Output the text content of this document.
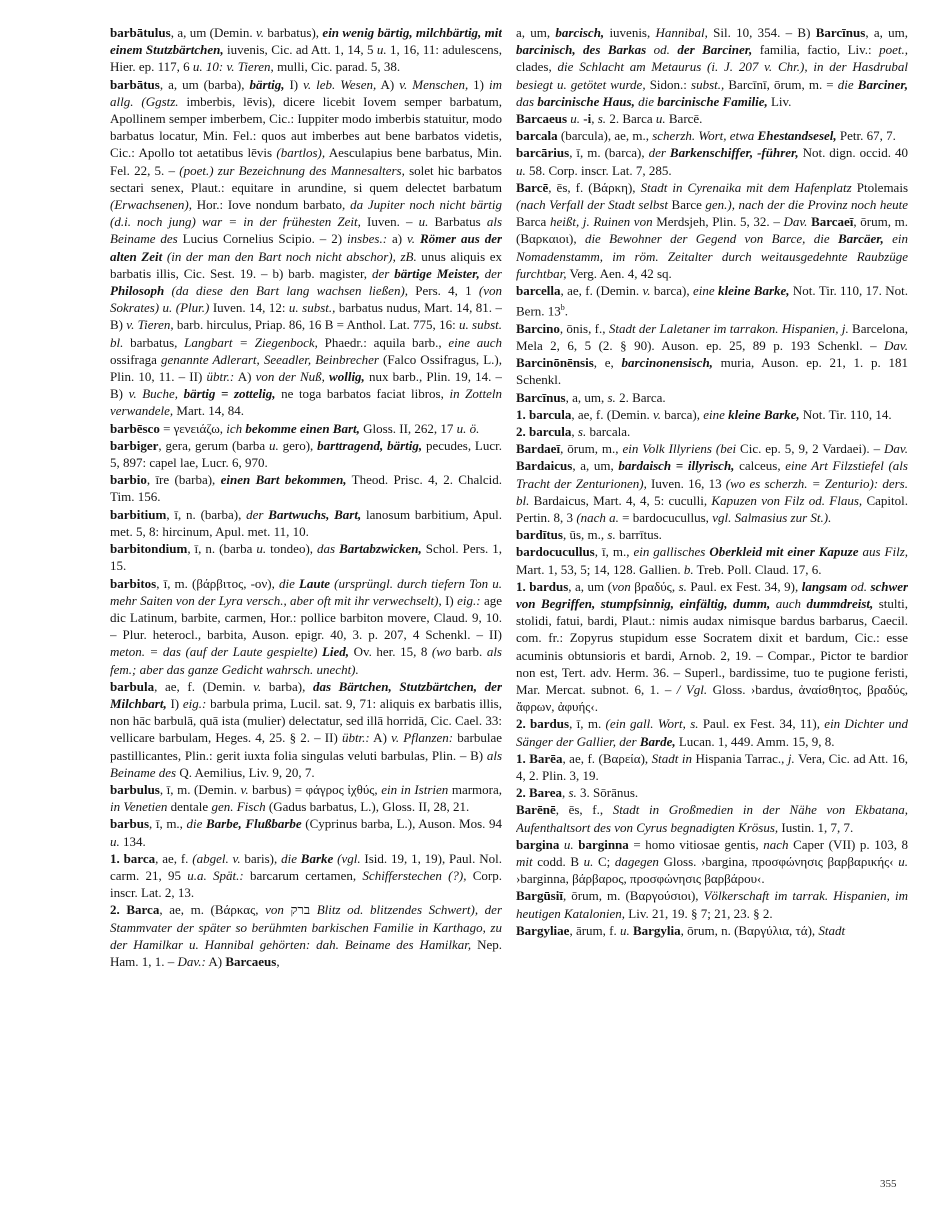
barbātulus, a, um (Demin. v. barbatus), ein wenig bärtig, milchbärtig, mit einem Stutzbärtchen, iuvenis, Cic. ad Att. 1, 14, 5 u. 1, 16, 11: adulescens, Hier. ep. 117, 6 u. 10: v. Tieren, mulli, Cic. parad. 5, 38.

barbātus, a, um (barba), bärtig, I) v. leb. Wesen, A) v. Menschen, 1) im allg. (Ggstz. imberbis, lēvis), dicere licebit Iovem semper barbatum, Apollinem semper imberbem, Cic.: Iuppiter modo imberbis statuitur, modo barbatus locatur, Min. Fel.: quos aut imberbes aut bene barbatos videtis, Cic.: Apollo tot aetatibus lēvis (bartlos), Aesculapius bene barbatus, Min. Fel. 22, 5. – (poet.) zur Bezeichnung des Mannesalters, solet hic barbatos sectari senex, Plaut.: equitare in arundine, si quem delectet barbatum (Erwachsenen), Hor.: Iove nondum barbato, da Jupiter noch nicht bärtig (d.i. noch jung) war = in der frühesten Zeit, Iuven. – u. Barbatus als Beiname des Lucius Cornelius Scipio. – 2) insbes.: a) v. Römer aus der alten Zeit (in der man den Bart noch nicht abschor), zB. unus aliquis ex barbatis illis, Cic. Sest. 19. – b) barb. magister, der bärtige Meister, der Philosoph (da diese den Bart lang wachsen ließen), Pers. 4, 1 (von Sokrates) u. (Plur.) Iuven. 14, 12: u. subst., barbatus nudus, Mart. 14, 81. – B) v. Tieren, barb. hirculus, Priap. 86, 16 B = Anthol. Lat. 775, 16: u. subst. bl. barbatus, Langbart = Ziegenbock, Phaedr.: aquila barb., eine auch ossifraga genannte Adlerart, Seeadler, Beinbrecher (Falco Ossifragus, L.), Plin. 10, 11. – II) übtr.: A) von der Nuß, wollig, nux barb., Plin. 19, 14. – B) v. Buche, bärtig = zottelig, ne toga barbatos faciat libros, in Zotteln verwandele, Mart. 14, 84.

barbēsco = γενειάζω, ich bekomme einen Bart, Gloss. II, 262, 17 u. ö.

barbiger, gera, gerum (barba u. gero), barttragend, bärtig, pecudes, Lucr. 5, 897: capel lae, Lucr. 6, 970.

barbio, īre (barba), einen Bart bekommen, Theod. Prisc. 4, 2. Chalcid. Tim. 156.

barbitium, ī, n. (barba), der Bartwuchs, Bart, lanosum barbitium, Apul. met. 5, 8: hircinum, Apul. met. 11, 10.

barbitondium, ī, n. (barba u. tondeo), das Bartabzwicken, Schol. Pers. 1, 15.

barbitos, ī, m. (βάρβιτος, -ον), die Laute (ursprüngl. durch tiefern Ton u. mehr Saiten von der Lyra versch., aber oft mit ihr verwechselt), I) eig.: age dic Latinum, barbite, carmen, Hor.: pollice barbiton movere, Claud. 9, 10. – Plur. heterocl., barbita, Auson. epigr. 40, 3. p. 207, 4 Schenkl. – II) meton. = das (auf der Laute gespielte) Lied, Ov. her. 15, 8 (wo barb. als fem.; aber das ganze Gedicht wahrsch. unecht).

barbula, ae, f. (Demin. v. barba), das Bärtchen, Stutzbärtchen, der Milchbart, I) eig.: barbula prima, Lucil. sat. 9, 71: aliquis ex barbatis illis, non hāc barbulā, quā ista (mulier) delectatur, sed illā horridā, Cic. Cael. 33: vellicare barbulam, Heges. 4, 25. § 2. – II) übtr.: A) v. Pflanzen: barbulae pastillicantes, Plin.: gerit iuxta folia singulas veluti barbulas, Plin. – B) als Beiname des Q. Aemilius, Liv. 9, 20, 7.

barbulus, ī, m. (Demin. v. barbus) = φάγρος ἰχθύς, ein in Istrien marmora, in Venetien dentale gen. Fisch (Gadus barbatus, L.), Gloss. II, 28, 21.

barbus, ī, m., die Barbe, Flußbarbe (Cyprinus barba, L.), Auson. Mos. 94 u. 134.

1. barca, ae, f. (abgel. v. baris), die Barke (vgl. Isid. 19, 1, 19), Paul. Nol. carm. 21, 95 u.a. Spät.: barcarum certamen, Schifferstechen (?), Corp. inscr. Lat. 2, 13.

2. Barca, ae, m. (Βάρκας, von ברק Blitz od. blitzendes Schwert), der Stammvater der später so berühmten barkischen Familie in Karthago, zu der Hamilkar u. Hannibal gehörten: dah. Beiname des Hamilkar, Nep. Ham. 1, 1. – Dav.: A) Barcaeus,

a, um, barcisch, iuvenis, Hannibal, Sil. 10, 354. – B) Barcīnus, a, um, barcinisch, des Barkas od. der Barciner, familia, factio, Liv.: poet., clades, die Schlacht am Metaurus (i. J. 207 v. Chr.), in der Hasdrubal besiegt u. getötet wurde, Sidon.: subst., Barcīnī, ōrum, m. = die Barciner, das barcinische Haus, die barcinische Familie, Liv.

Barcaeus u. -i, s. 2. Barca u. Barcē.

barcala (barcula), ae, m., scherzh. Wort, etwa Ehestandsesel, Petr. 67, 7.

barcārius, ī, m. (barca), der Barkenschiffer, -führer, Not. dign. occid. 40 u. 58. Corp. inscr. Lat. 7, 285.

Barcē, ēs, f. (Βάρκη), Stadt in Cyrenaika mit dem Hafenplatz Ptolemais (nach Verfall der Stadt selbst Barce gen.), nach der die Provinz noch heute Barca heißt, j. Ruinen von Merdsjeh, Plin. 5, 32. – Dav. Barcaeī, ōrum, m. (Βαρκαιοι), die Bewohner der Gegend von Barce, die Barcäer, ein Nomadenstamm, im röm. Zeitalter durch weitausgedehnte Raubzüge furchtbar, Verg. Aen. 4, 42 sq.

barcella, ae, f. (Demin. v. barca), eine kleine Barke, Not. Tir. 110, 17. Not. Bern. 13$^b$.

Barcino, ōnis, f., Stadt der Laletaner im tarrakon. Hispanien, j. Barcelona, Mela 2, 6, 5 (2. § 90). Auson. ep. 25, 89 p. 193 Schenkl. – Dav. Barcinōnēnsis, e, barcinonensisch, muria, Auson. ep. 21, 1. p. 181 Schenkl.

Barcīnus, a, um, s. 2. Barca.

1. barcula, ae, f. (Demin. v. barca), eine kleine Barke, Not. Tir. 110, 14.

2. barcula, s. barcala.

Bardaeī, ōrum, m., ein Volk Illyriens (bei Cic. ep. 5, 9, 2 Vardaei). – Dav. Bardaicus, a, um, bardaisch = illyrisch, calceus, eine Art Filzstiefel (als Tracht der Zenturionen), Iuven. 16, 13 (wo es scherzh. = Zenturio): ders. bl. Bardaicus, Mart. 4, 4, 5: cuculli, Kapuzen von Filz od. Flaus, Capitol. Pertin. 8, 3 (nach a. = bardocucullus, vgl. Salmasius zur St.).

bardītus, ūs, m., s. barrītus.

bardocucullus, ī, m., ein gallisches Oberkleid mit einer Kapuze aus Filz, Mart. 1, 53, 5; 14, 128. Gallien. b. Treb. Poll. Claud. 17, 6.

1. bardus, a, um (von βραδύς, s. Paul. ex Fest. 34, 9), langsam od. schwer von Begriffen, stumpfsinnig, einfältig, dumm, auch dummdreist, stulti, stolidi, fatui, bardi, Plaut.: nimis audax nimisque bardus barbarus, Caecil. com. fr.: Zopyrus stupidum esse Socratem dixit et bardum, Cic.: esse acuminis obtunsioris et bardi, Arnob. 2, 19. – Compar., Pictor te bardior non est, Tert. adv. Herm. 36. – Superl., bardissime, tuo te pugione feristi, Mar. Mercat. subnot. 6, 1. – / Vgl. Gloss. ›bardus, ἀναίσθητος, βραδύς, ἄφρων, ἀφυής‹.

2. bardus, ī, m. (ein gall. Wort, s. Paul. ex Fest. 34, 11), ein Dichter und Sänger der Gallier, der Barde, Lucan. 1, 449. Amm. 15, 9, 8.

1. Barēa, ae, f. (Βαρεία), Stadt in Hispania Tarrac., j. Vera, Cic. ad Att. 16, 4, 2. Plin. 3, 19.

2. Barea, s. 3. Sōrānus.

Barēnē, ēs, f., Stadt in Großmedien in der Nähe von Ekbatana, Aufenthaltsort des von Cyrus begnadigten Krösus, Iustin. 1, 7, 7.

bargina u. barginna = homo vitiosae gentis, nach Caper (VII) p. 103, 8 mit codd. B u. C; dagegen Gloss. ›bargina, προσφώνησις βαρβαρικής‹ u. ›barginna, βάρβαρος, προσφώνησις βαρβάρου‹.

Bargūsiī, ōrum, m. (Βαργούσιοι), Völkerschaft im tarrak. Hispanien, im heutigen Katalonien, Liv. 21, 19. § 7; 21, 23. § 2.

Bargyliae, ārum, f. u. Bargylia, ōrum, n. (Βαργύλια, τά), Stadt

355
